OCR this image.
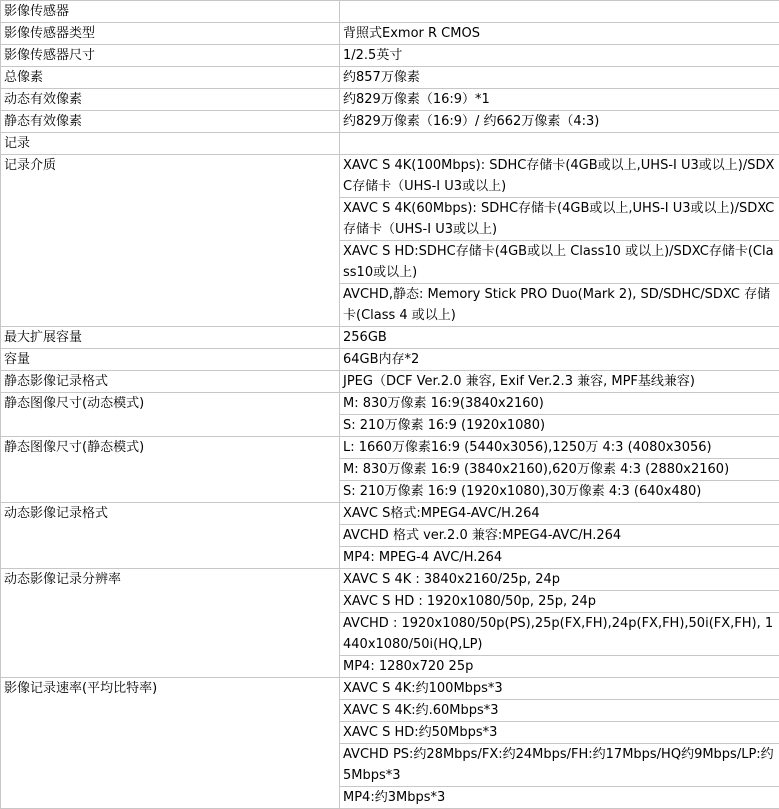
影像传感器	
影像传感器类型	背照式Exmor R CMOS
影像传感器尺寸	1/2.5英寸
总像素	约857万像素
动态有效像素	约829万像素（16:9）*1
静态有效像素	约829万像素（16:9）/ 约662万像素（4:3)
记录	
记录介质	XAVC S 4K(100Mbps): SDHC存储卡(4GB或以上,UHS-I U3或以上)/SDXC存储卡（UHS-I U3或以上)
	XAVC S 4K(60Mbps): SDHC存储卡(4GB或以上,UHS-I U3或以上)/SDXC存储卡（UHS-I U3或以上)
	XAVC S HD:SDHC存储卡(4GB或以上 Class10 或以上)/SDXC存储卡(Class10或以上)
	AVCHD,静态: Memory Stick PRO Duo(Mark 2), SD/SDHC/SDXC 存储卡(Class 4 或以上)
最大扩展容量	256GB
容量	64GB内存*2
静态影像记录格式	JPEG（DCF Ver.2.0 兼容, Exif Ver.2.3 兼容, MPF基线兼容)
静态图像尺寸(动态模式)	M: 830万像素 16:9(3840x2160)
	S: 210万像素 16:9 (1920x1080)
静态图像尺寸(静态模式)	L: 1660万像素16:9 (5440x3056),1250万 4:3 (4080x3056)
	M: 830万像素 16:9 (3840x2160),620万像素 4:3 (2880x2160)
	S: 210万像素 16:9 (1920x1080),30万像素 4:3 (640x480)
动态影像记录格式	XAVC S格式:MPEG4-AVC/H.264
	AVCHD 格式 ver.2.0 兼容:MPEG4-AVC/H.264
	MP4: MPEG-4 AVC/H.264
动态影像记录分辨率	XAVC S 4K : 3840x2160/25p, 24p
	XAVC S HD : 1920x1080/50p, 25p, 24p
	AVCHD : 1920x1080/50p(PS),25p(FX,FH),24p(FX,FH),50i(FX,FH), 1440x1080/50i(HQ,LP)
	MP4: 1280x720 25p
影像记录速率(平均比特率)	XAVC S 4K:约100Mbps*3
	XAVC S 4K:约.60Mbps*3
	XAVC S HD:约50Mbps*3
	AVCHD PS:约28Mbps/FX:约24Mbps/FH:约17Mbps/HQ约9Mbps/LP:约5Mbps*3
	MP4:约3Mbps*3
